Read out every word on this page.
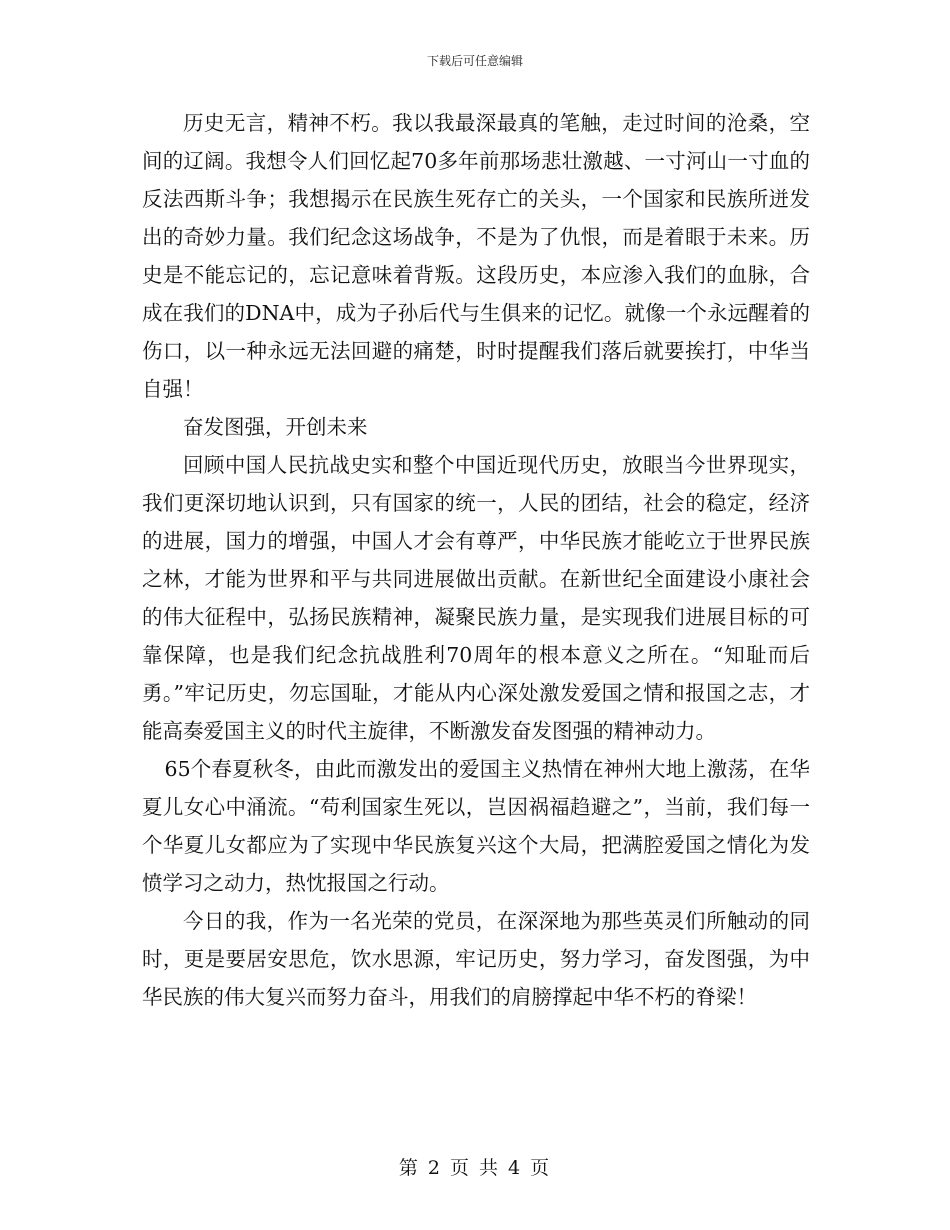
下载后可任意编辑

历史无言，精神不朽。我以我最深最真的笔触，走过时间的沧桑，空间的辽阔。我想令人们回忆起70多年前那场悲壮激越、一寸河山一寸血的反法西斯斗争；我想揭示在民族生死存亡的关头，一个国家和民族所迸发出的奇妙力量。我们纪念这场战争，不是为了仇恨，而是着眼于未来。历史是不能忘记的，忘记意味着背叛。这段历史，本应渗入我们的血脉，合成在我们的DNA中，成为子孙后代与生俱来的记忆。就像一个永远醒着的伤口，以一种永远无法回避的痛楚，时时提醒我们落后就要挨打，中华当自强！

奋发图强，开创未来

回顾中国人民抗战史实和整个中国近现代历史，放眼当今世界现实，我们更深切地认识到，只有国家的统一，人民的团结，社会的稳定，经济的进展，国力的增强，中国人才会有尊严，中华民族才能屹立于世界民族之林，才能为世界和平与共同进展做出贡献。在新世纪全面建设小康社会的伟大征程中，弘扬民族精神，凝聚民族力量，是实现我们进展目标的可靠保障，也是我们纪念抗战胜利70周年的根本意义之所在。“知耻而后勇。”牢记历史，勿忘国耻，才能从内心深处激发爱国之情和报国之志，才能高奏爱国主义的时代主旋律，不断激发奋发图强的精神动力。

65个春夏秋冬，由此而激发出的爱国主义热情在神州大地上激荡，在华夏儿女心中涌流。“苟利国家生死以，岂因祸福趋避之”，当前，我们每一个华夏儿女都应为了实现中华民族复兴这个大局，把满腔爱国之情化为发愤学习之动力，热忱报国之行动。

今日的我，作为一名光荣的党员，在深深地为那些英灵们所触动的同时，更是要居安思危，饮水思源，牢记历史，努力学习，奋发图强，为中华民族的伟大复兴而努力奋斗，用我们的肩膀撑起中华不朽的脊梁！

第 2 页 共 4 页
